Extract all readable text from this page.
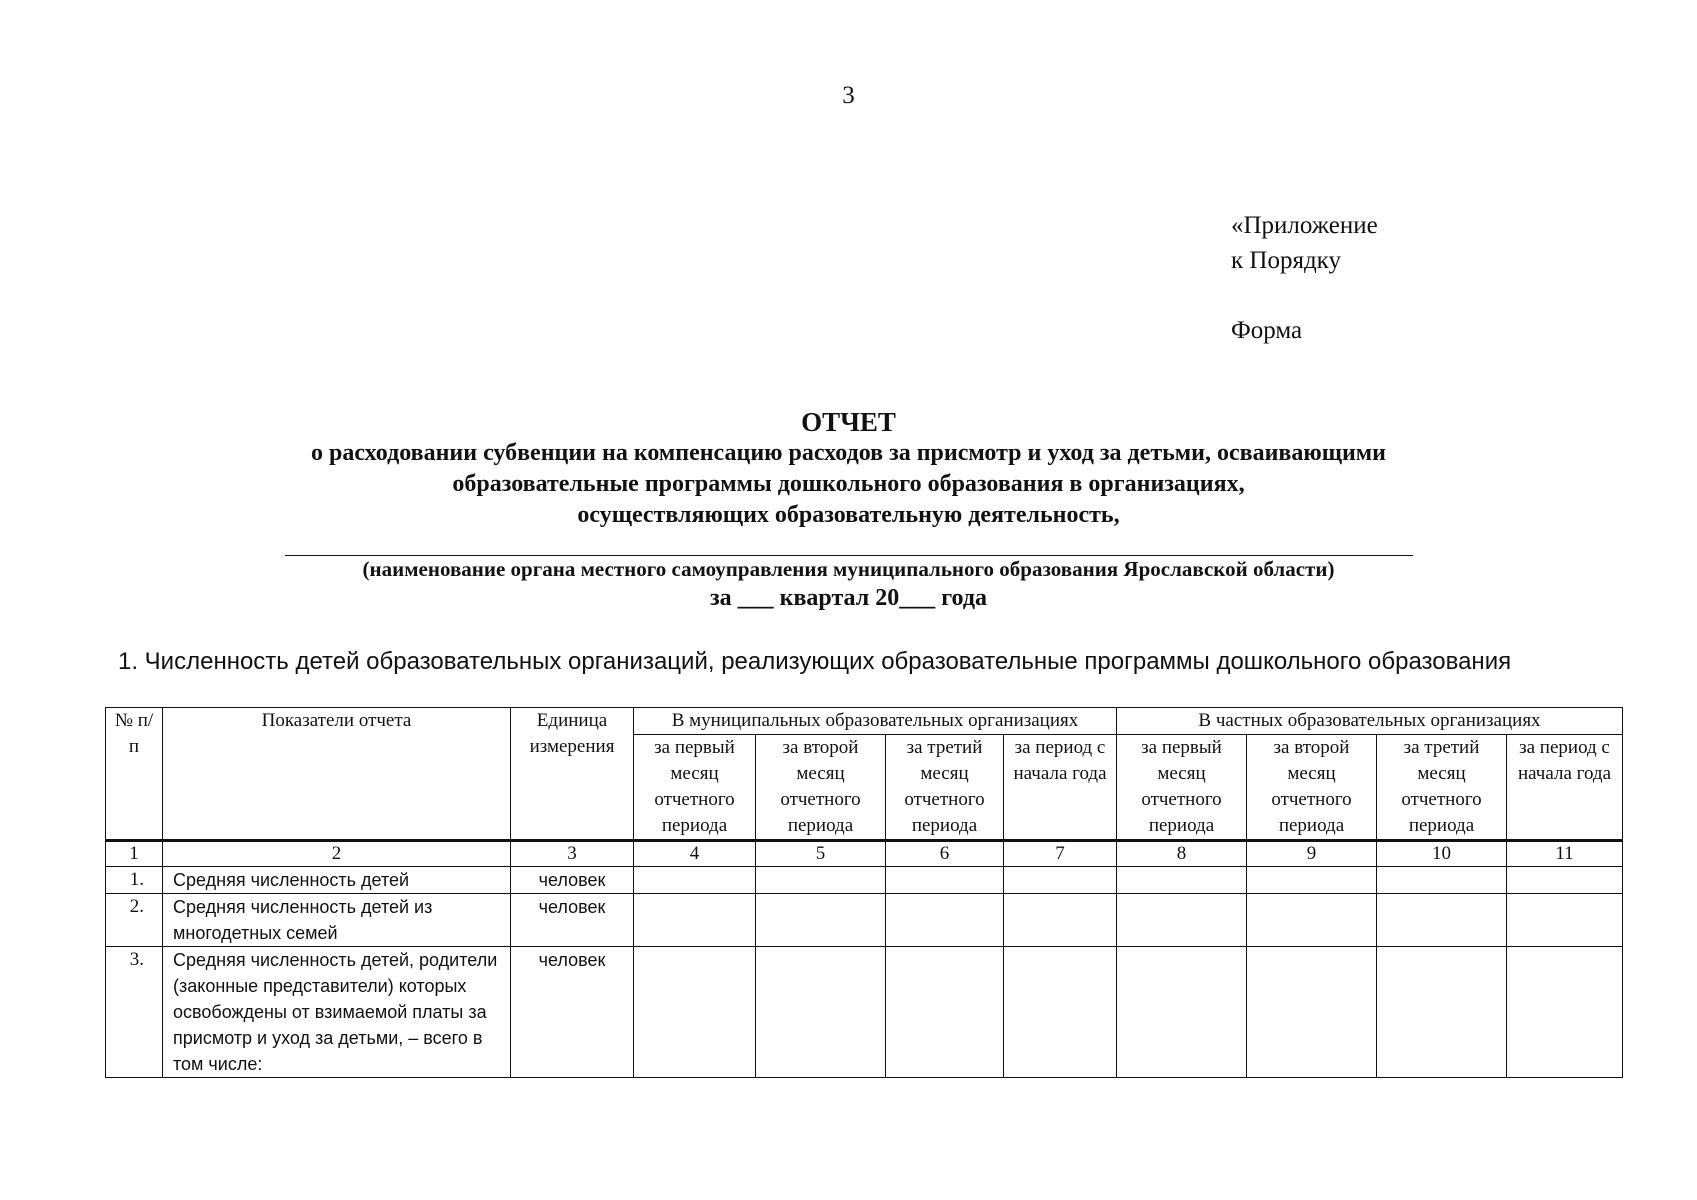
3
«Приложение
к Порядку
Форма
ОТЧЕТ
о расходовании субвенции на компенсацию расходов за присмотр и уход за детьми, осваивающими
образовательные программы дошкольного образования в организациях,
осуществляющих образовательную деятельность,
(наименование органа местного самоуправления муниципального образования Ярославской области)
за ___ квартал 20___ года
1. Численность детей образовательных организаций, реализующих образовательные программы дошкольного образования
№ п/п	Показатели отчета	Единица измерения	В муниципальных образовательных организациях				В частных образовательных организациях			
			за первый месяц отчетного периода	за второй месяц отчетного периода	за третий месяц отчетного периода	за период с начала года	за первый месяц отчетного периода	за второй месяц отчетного периода	за третий месяц отчетного периода	за период с начала года
1	2	3	4	5	6	7	8	9	10	11
1.	Средняя численность детей	человек								
2.	Средняя численность детей из многодетных семей	человек								
3.	Средняя численность детей, родители (законные представители) которых освобождены от взимаемой платы за присмотр и уход за детьми, – всего в том числе:	человек								
